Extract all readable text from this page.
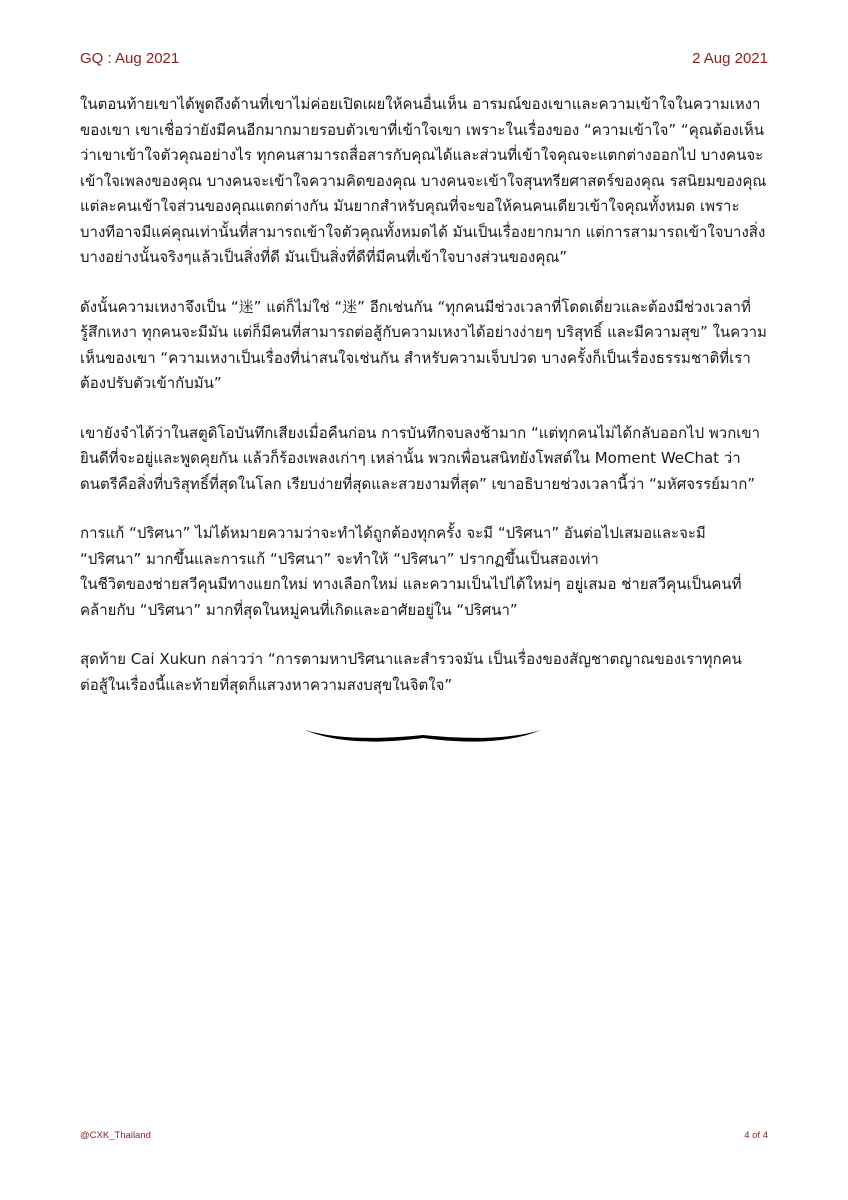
GQ : Aug 2021	2 Aug 2021

ในตอนท้ายเขาได้พูดถึงด้านที่เขาไม่ค่อยเปิดเผยให้คนอื่นเห็น อารมณ์ของเขาและความเข้าใจในความเหงาของเขา เขาเชื่อว่ายังมีคนอีกมากมายรอบตัวเขาที่เข้าใจเขา เพราะในเรื่องของ “ความเข้าใจ” “คุณต้องเห็นว่าเขาเข้าใจตัวคุณอย่างไร ทุกคนสามารถสื่อสารกับคุณได้และส่วนที่เข้าใจคุณจะแตกต่างออกไป บางคนจะเข้าใจเพลงของคุณ บางคนจะเข้าใจความคิดของคุณ บางคนจะเข้าใจสุนทรียศาสตร์ของคุณ รสนิยมของคุณ แต่ละคนเข้าใจส่วนของคุณแตกต่างกัน มันยากสำหรับคุณที่จะขอให้คนคนเดียวเข้าใจคุณทั้งหมด เพราะบางทีอาจมีแค่คุณเท่านั้นที่สามารถเข้าใจตัวคุณทั้งหมดได้ มันเป็นเรื่องยากมาก แต่การสามารถเข้าใจบางสิ่งบางอย่างนั้นจริงๆแล้วเป็นสิ่งที่ดี มันเป็นสิ่งที่ดีที่มีคนที่เข้าใจบางส่วนของคุณ”

ดังนั้นความเหงาจึงเป็น “迷” แต่ก็ไม่ใช่ “迷” อีกเช่นกัน “ทุกคนมีช่วงเวลาที่โดดเดี่ยวและต้องมีช่วงเวลาที่รู้สึกเหงา ทุกคนจะมีมัน แต่ก็มีคนที่สามารถต่อสู้กับความเหงาได้อย่างง่ายๆ บริสุทธิ์ และมีความสุข” ในความเห็นของเขา “ความเหงาเป็นเรื่องที่น่าสนใจเช่นกัน สำหรับความเจ็บปวด บางครั้งก็เป็นเรื่องธรรมชาติที่เราต้องปรับตัวเข้ากับมัน”

เขายังจำได้ว่าในสตูดิโอบันทึกเสียงเมื่อคืนก่อน การบันทึกจบลงช้ามาก “แต่ทุกคนไม่ได้กลับออกไป พวกเขายินดีที่จะอยู่และพูดคุยกัน แล้วก็ร้องเพลงเก่าๆ เหล่านั้น พวกเพื่อนสนิทยังโพสต์ใน Moment WeChat ว่าดนตรีคือสิ่งที่บริสุทธิ์ที่สุดในโลก เรียบง่ายที่สุดและสวยงามที่สุด” เขาอธิบายช่วงเวลานี้ว่า “มหัศจรรย์มาก”

การแก้ “ปริศนา” ไม่ได้หมายความว่าจะทำได้ถูกต้องทุกครั้ง จะมี “ปริศนา” อันต่อไปเสมอและจะมี “ปริศนา” มากขึ้นและการแก้ “ปริศนา” จะทำให้ “ปริศนา” ปรากฏขึ้นเป็นสองเท่า
ในชีวิตของช่ายสวีคุนมีทางแยกใหม่ ทางเลือกใหม่ และความเป็นไปได้ใหม่ๆ อยู่เสมอ ช่ายสวีคุนเป็นคนที่คล้ายกับ “ปริศนา” มากที่สุดในหมู่คนที่เกิดและอาศัยอยู่ใน “ปริศนา”

สุดท้าย Cai Xukun กล่าวว่า “การตามหาปริศนาและสำรวจมัน เป็นเรื่องของสัญชาตญาณของเราทุกคน ต่อสู้ในเรื่องนี้และท้ายที่สุดก็แสวงหาความสงบสุขในจิตใจ”

@CXK_Thailand	4 of 4
